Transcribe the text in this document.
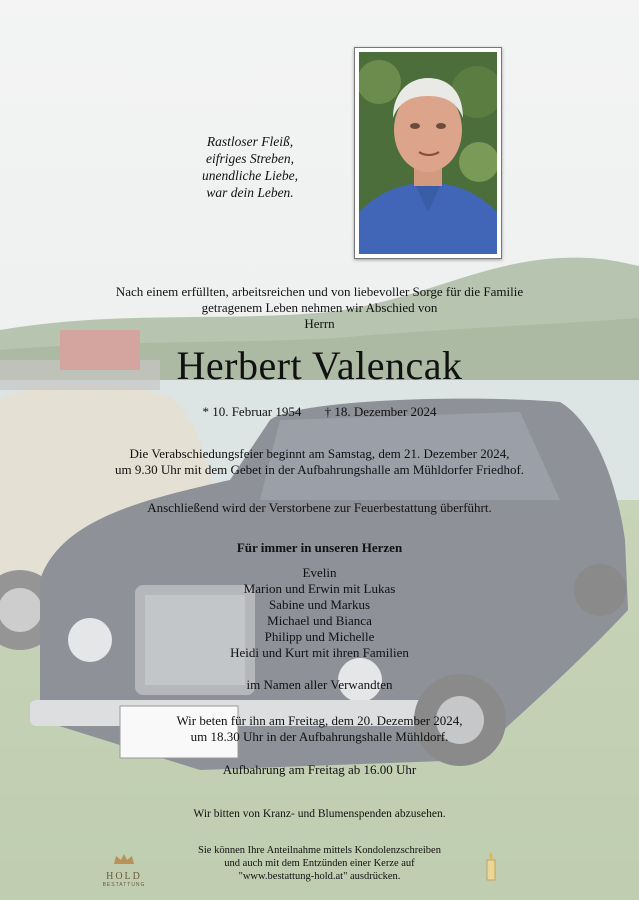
Rastloser Fleiß,
eifriges Streben,
unendliche Liebe,
war dein Leben.
Nach einem erfüllten, arbeitsreichen und von liebevoller Sorge für die Familie
getragenem Leben nehmen wir Abschied von
Herrn
Herbert Valencak
* 10. Februar 1954 † 18. Dezember 2024
Die Verabschiedungsfeier beginnt am Samstag, dem 21. Dezember 2024,
um 9.30 Uhr mit dem Gebet in der Aufbahrungshalle am Mühldorfer Friedhof.
Anschließend wird der Verstorbene zur Feuerbestattung überführt.
Für immer in unseren Herzen
Evelin
Marion und Erwin mit Lukas
Sabine und Markus
Michael und Bianca
Philipp und Michelle
Heidi und Kurt mit ihren Familien
im Namen aller Verwandten
Wir beten für ihn am Freitag, dem 20. Dezember 2024,
um 18.30 Uhr in der Aufbahrungshalle Mühldorf.
Aufbahrung am Freitag ab 16.00 Uhr
Wir bitten von Kranz- und Blumenspenden abzusehen.
Sie können Ihre Anteilnahme mittels Kondolenzschreiben
und auch mit dem Entzünden einer Kerze auf
"www.bestattung-hold.at" ausdrücken.
HOLD
BESTATTUNG
